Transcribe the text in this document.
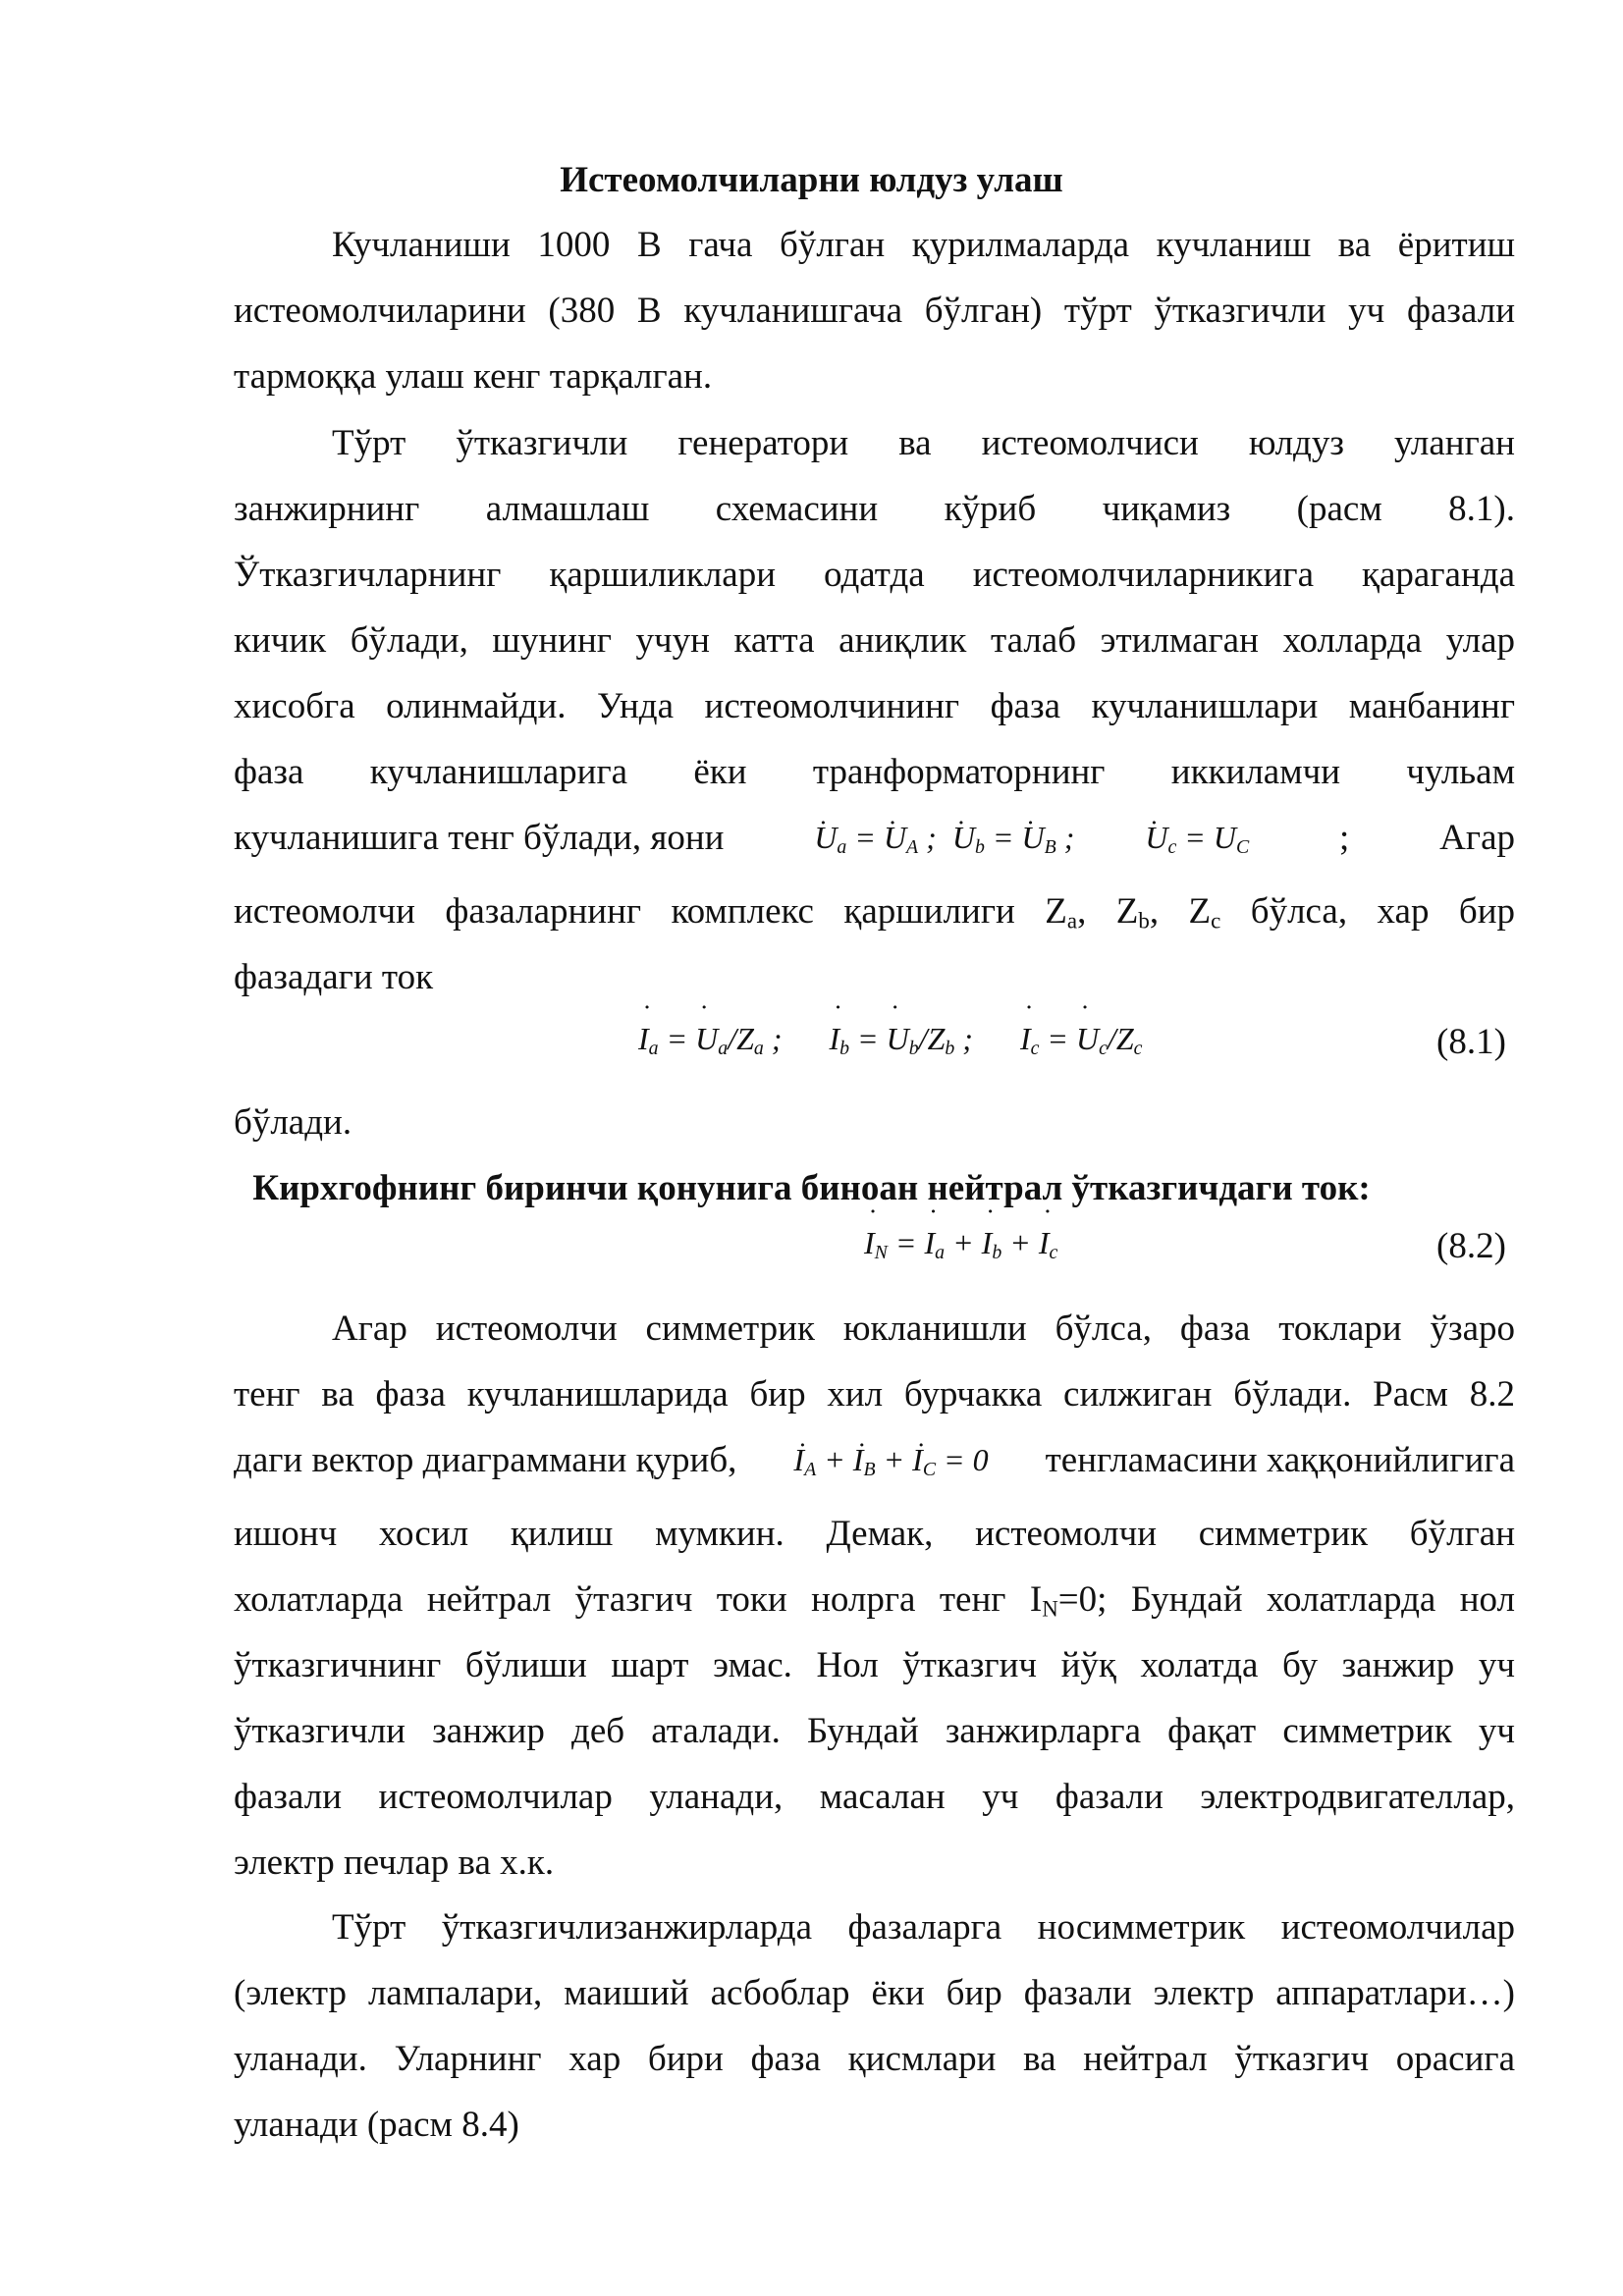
Истеомолчиларни юлдуз улаш
Кучланиши 1000 В гача бўлган қурилмаларда кучланиш ва ёритиш
истеомолчиларини (380 В кучланишгача бўлган) тўрт ўтказгичли уч фазали
тармоққа улаш кенг тарқалган.
Тўрт ўтказгичли генератори ва истеомолчиси юлдуз уланган
занжирнинг алмашлаш схемасини кўриб чиқамиз (расм 8.1).
Ўтказгичларнинг қаршиликлари одатда истеомолчиларникига қараганда
кичик бўлади, шунинг учун катта аниқлик талаб этилмаган холларда улар
хисобга олинмайди. Унда истеомолчининг фаза кучланишлари манбанинг
фаза кучланишларига ёки транформаторнинг иккиламчи чульам
кучланишига тенг бўлади, яони	˙ $U_a$ = ˙ $U_A$ ;  ˙ $U_b$ = ˙ $U_B$ ;         ˙ $U_c = U_C$ ; Агар
истеомолчи фазаларнинг комплекс қаршилиги $Z_a$, $Z_b$, $Z_c$ бўлса, хар бир
фазадаги ток
˙ $I_a$ = ˙ $U_a/Z_a$ ;      ˙ $I_b$ = ˙ $U_b/Z_b$ ;      ˙ $I_c$ = ˙ $U_c/Z_c$	(8.1)
бўлади.
Кирхгофнинг биринчи қонунига биноан нейтрал ўтказгичдаги ток:
˙ $I_N$ = ˙ $I_a$ + ˙ $I_b$ + ˙ $I_c$	(8.2)
Агар истеомолчи симметрик юкланишли бўлса, фаза токлари ўзаро
тенг ва фаза кучланишларида бир хил бурчакка силжиган бўлади. Расм 8.2
даги вектор диаграммани қуриб, ˙ $I_A$ + ˙ $I_B$ + ˙ $I_C = 0$ тенгламасини хаққонийлигига
ишонч хосил қилиш мумкин. Демак, истеомолчи симметрик бўлган
холатларда нейтрал ўтазгич токи нолрга тенг $I_N=0$; Бундай холатларда нол
ўтказгичнинг бўлиши шарт эмас. Нол ўтказгич йўқ холатда бу занжир уч
ўтказгичли занжир деб аталади. Бундай занжирларга фақат симметрик уч
фазали истеомолчилар уланади, масалан уч фазали электродвигателлар,
электр печлар ва х.к.
Тўрт ўтказгичлизанжирларда фазаларга носимметрик истеомолчилар
(электр лампалари, маиший асбоблар ёки бир фазали электр аппаратлари…)
уланади. Уларнинг хар бири фаза қисмлари ва нейтрал ўтказгич орасига
уланади (расм 8.4)
